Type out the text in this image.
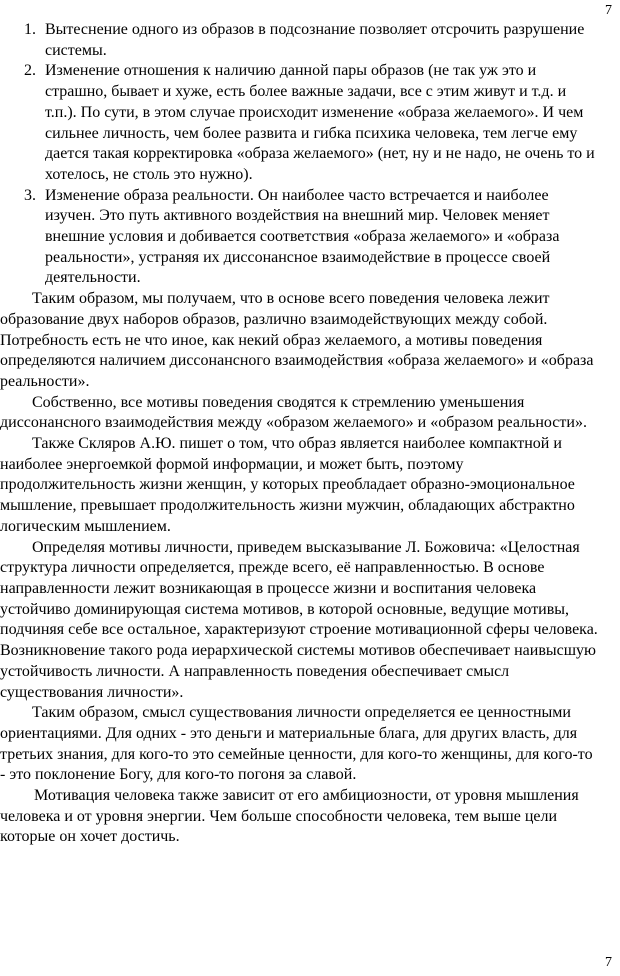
7
1. Вытеснение одного из образов в подсознание позволяет отсрочить разрушение системы.
2. Изменение отношения к наличию данной пары образов (не так уж это и страшно, бывает и хуже, есть более важные задачи, все с этим живут и т.д. и т.п.). По сути, в этом случае происходит изменение «образа желаемого». И чем сильнее личность, чем более развита и гибка психика человека, тем легче ему дается такая корректировка «образа желаемого» (нет, ну и не надо, не очень то и хотелось, не столь это нужно).
3. Изменение образа реальности. Он наиболее часто встречается и наиболее изучен. Это путь активного воздействия на внешний мир. Человек меняет внешние условия и добивается соответствия «образа желаемого» и «образа реальности», устраняя их диссонансное взаимодействие в процессе своей деятельности.

Таким образом, мы получаем, что в основе всего поведения человека лежит образование двух наборов образов, различно взаимодействующих между собой. Потребность есть не что иное, как некий образ желаемого, а мотивы поведения определяются наличием диссонансного взаимодействия «образа желаемого» и «образа реальности».

Собственно, все мотивы поведения сводятся к стремлению уменьшения диссонансного взаимодействия между «образом желаемого» и «образом реальности».

Также Скляров А.Ю. пишет о том, что образ является наиболее компактной и наиболее энергоемкой формой информации, и может быть, поэтому продолжительность жизни женщин, у которых преобладает образно-эмоциональное мышление, превышает продолжительность жизни мужчин, обладающих абстрактно логическим мышлением.

Определяя мотивы личности, приведем высказывание Л. Божовича: «Целостная структура личности определяется, прежде всего, её направленностью. В основе направленности лежит возникающая в процессе жизни и воспитания человека устойчиво доминирующая система мотивов, в которой основные, ведущие мотивы, подчиняя себе все остальное, характеризуют строение мотивационной сферы человека. Возникновение такого рода иерархической системы мотивов обеспечивает наивысшую устойчивость личности. А направленность поведения обеспечивает смысл существования личности».

Таким образом, смысл существования личности определяется ее ценностными ориентациями. Для одних - это деньги и материальные блага, для других власть, для третьих знания, для кого-то это семейные ценности, для кого-то женщины, для кого-то - это поклонение Богу, для кого-то погоня за славой.

Мотивация человека также зависит от его амбициозности, от уровня мышления человека и от уровня энергии. Чем больше способности человека, тем выше цели которые он хочет достичь.

7
